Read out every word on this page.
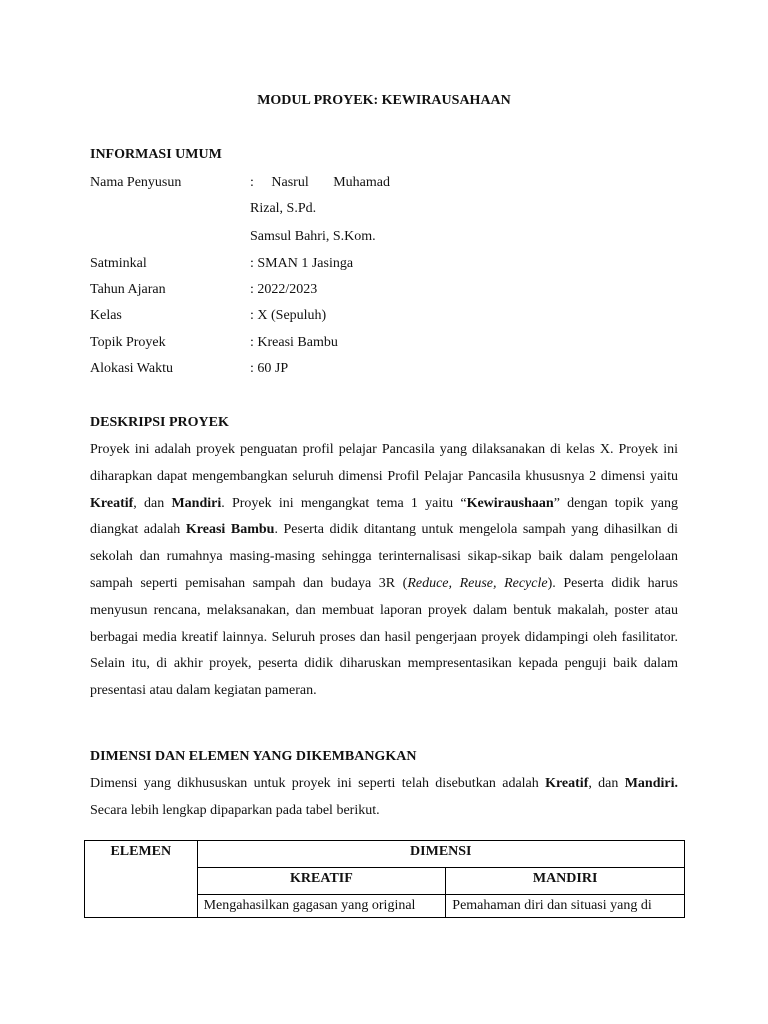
MODUL PROYEK: KEWIRAUSAHAAN
INFORMASI UMUM
Nama Penyusun	:     Nasrul       Muhamad
Rizal, S.Pd.
Samsul Bahri, S.Kom.
Satminkal	: SMAN 1 Jasinga
Tahun Ajaran	: 2022/2023
Kelas	: X (Sepuluh)
Topik Proyek	: Kreasi Bambu
Alokasi Waktu	: 60 JP
DESKRIPSI PROYEK

Proyek ini adalah proyek penguatan profil pelajar Pancasila yang dilaksanakan di kelas X. Proyek ini diharapkan dapat mengembangkan seluruh dimensi Profil Pelajar Pancasila khususnya 2 dimensi yaitu Kreatif, dan Mandiri. Proyek ini mengangkat tema 1 yaitu “Kewiraushaan” dengan topik yang diangkat adalah Kreasi Bambu. Peserta didik ditantang untuk mengelola sampah yang dihasilkan di sekolah dan rumahnya masing-masing sehingga terinternalisasi sikap-sikap baik dalam pengelolaan sampah seperti pemisahan sampah dan budaya 3R (Reduce, Reuse, Recycle). Peserta didik harus menyusun rencana, melaksanakan, dan membuat laporan proyek dalam bentuk makalah, poster atau berbagai media kreatif lainnya. Seluruh proses dan hasil pengerjaan proyek didampingi oleh fasilitator. Selain itu, di akhir proyek, peserta didik diharuskan mempresentasikan kepada penguji baik dalam presentasi atau dalam kegiatan pameran.

DIMENSI DAN ELEMEN YANG DIKEMBANGKAN

Dimensi yang dikhususkan untuk proyek ini seperti telah disebutkan adalah Kreatif, dan Mandiri. Secara lebih lengkap dipaparkan pada tabel berikut.

ELEMEN	DIMENSI	
	KREATIF	MANDIRI

	Mengahasilkan gagasan yang original	Pemahaman diri dan situasi yang di
